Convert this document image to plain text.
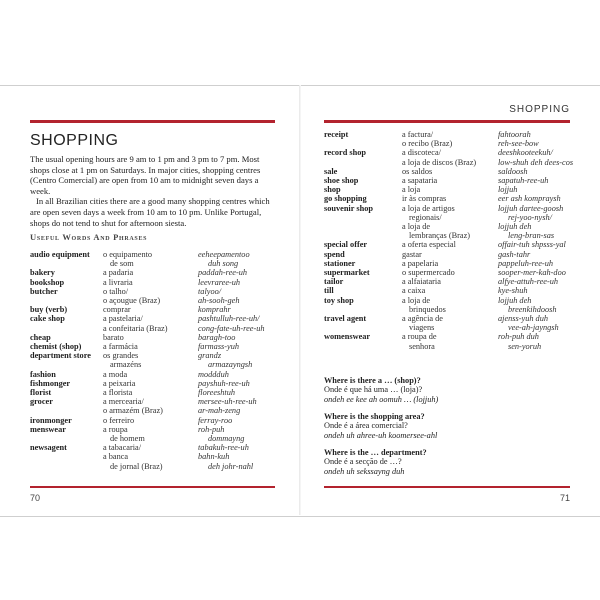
SHOPPING

The usual opening hours are 9 am to 1 pm and 3 pm to 7 pm. Most shops close at 1 pm on Saturdays. In major cities, shopping centres (Centro Comercial) are open from 10 am to midnight seven days a week.

In all Brazilian cities there are a good many shopping centres which are open seven days a week from 10 am to 10 pm. Unlike Portugal, shops do not tend to shut for afternoon siesta.

Useful Words And Phrases
audio equipment	o equipamento	eeheepamentoo
	de som	duh song
bakery	a padaria	paddah-ree-uh
bookshop	a livraria	leevraree-uh
butcher	o talho/	talyoo/
	o açougue (Braz)	ah-sooh-geh
buy (verb)	comprar	komprahr
cake shop	a pastelaria/	pashtulluh-ree-uh/
	a confeitaria (Braz)	cong-fate-uh-ree-uh
cheap	barato	baragh-too
chemist (shop)	a farmácia	farmass-yuh
department store	os grandes	grandz
	armazéns	armazayngsh
fashion	a moda	moddduh
fishmonger	a peixaria	payshuh-ree-uh
florist	a florista	floreeshtuh
grocer	a mercearia/	mersee-uh-ree-uh
	o armazém (Braz)	ar-mah-zeng
ironmonger	o ferreiro	ferray-roo
menswear	a roupa	roh-puh
	de homem	dommayng
newsagent	a tabacaria/	tabakuh-ree-uh
	a banca	bahn-kuh
	de jornal (Braz)	deh johr-nahl
70
SHOPPING
receipt	a factura/	fahtoorah
	o recibo (Braz)	reh-see-bow
record shop	a discoteca/	deeshkooteekuh/
	a loja de discos (Braz)	low-shuh deh dees-cos
sale	os saldos	saldoosh
shoe shop	a sapataria	sapatuh-ree-uh
shop	a loja	lojjuh
go shopping	ir às compras	eer ash kompraysh
souvenir shop	a loja de artigos	lojjuh dartee-goosh
	regionais/	rej-yoo-nysh/
	a loja de	lojjuh deh
	lembranças (Braz)	leng-bran-sas
special offer	a oferta especial	offair-tuh shpsss-yal
spend	gastar	gash-tahr
stationer	a papelaria	pappeluh-ree-uh
supermarket	o supermercado	sooper-mer-kah-doo
tailor	a alfaiataria	alfye-attuh-ree-uh
till	a caixa	kye-shuh
toy shop	a loja de	lojjuh deh
	brinquedos	breenkihdoosh
travel agent	a agência de	ajenss-yuh duh
	viagens	vee-ah-jayngsh
womenswear	a roupa de	roh-puh duh
	senhora	sen-yoruh
Where is there a … (shop)?
Onde é que há uma … (loja)?
ondeh ee kee ah oomuh … (lojjuh)
Where is the shopping area?
Onde é a área comercial?
ondeh uh ahree-uh koomersee-ahl
Where is the … department?
Onde é a secção de …?
ondeh uh sekssayng duh
71
